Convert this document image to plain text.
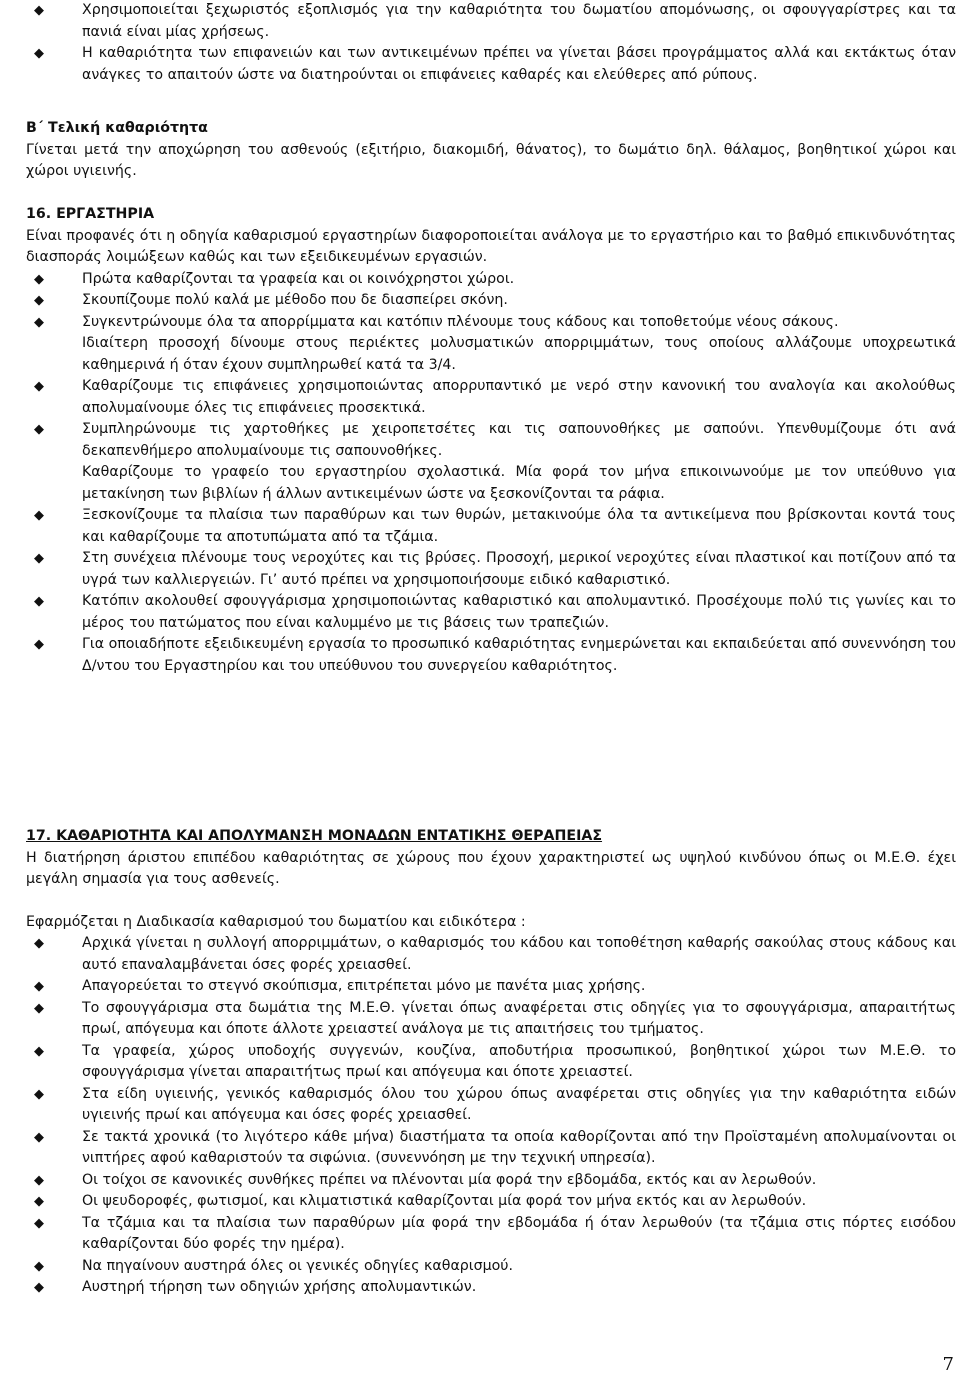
◆	Χρησιμοποιείται ξεχωριστός εξοπλισμός για την καθαριότητα του δωματίου απομόνωσης, οι σφουγγαρίστρες και τα πανιά είναι μίας χρήσεως.

◆	Η καθαριότητα των επιφανειών και των αντικειμένων πρέπει να γίνεται βάσει προγράμματος αλλά και εκτάκτως όταν ανάγκες το απαιτούν ώστε να διατηρούνται οι επιφάνειες καθαρές και ελεύθερες από ρύπους.

Β΄ Τελική καθαριότητα

Γίνεται μετά την αποχώρηση του ασθενούς (εξιτήριο, διακομιδή, θάνατος), το δωμάτιο δηλ. θάλαμος, βοηθητικοί χώροι και χώροι υγιεινής.

16. ΕΡΓΑΣΤΗΡΙΑ

Είναι προφανές ότι η οδηγία καθαρισμού εργαστηρίων διαφοροποιείται ανάλογα με το εργαστήριο και το βαθμό επικινδυνότητας διασποράς λοιμώξεων καθώς και των εξειδικευμένων εργασιών.

◆	Πρώτα καθαρίζονται τα γραφεία και οι κοινόχρηστοι χώροι.

◆	Σκουπίζουμε πολύ καλά με μέθοδο που δε διασπείρει σκόνη.

◆	Συγκεντρώνουμε όλα τα απορρίμματα και κατόπιν πλένουμε τους κάδους και τοποθετούμε νέους σάκους.

Ιδιαίτερη προσοχή δίνουμε στους περιέκτες μολυσματικών απορριμμάτων, τους οποίους αλλάζουμε υποχρεωτικά καθημερινά ή όταν έχουν συμπληρωθεί κατά τα 3/4.

◆	Καθαρίζουμε τις επιφάνειες χρησιμοποιώντας απορρυπαντικό με νερό στην κανονική του αναλογία και ακολούθως απολυμαίνουμε όλες τις επιφάνειες προσεκτικά.

◆	Συμπληρώνουμε τις χαρτοθήκες με χειροπετσέτες και τις σαπουνοθήκες με σαπούνι. Υπενθυμίζουμε ότι ανά δεκαπενθήμερο απολυμαίνουμε τις σαπουνοθήκες.

Καθαρίζουμε το γραφείο του εργαστηρίου σχολαστικά. Μία φορά τον μήνα επικοινωνούμε με τον υπεύθυνο για μετακίνηση των βιβλίων ή άλλων αντικειμένων ώστε να ξεσκονίζονται τα ράφια.

◆	Ξεσκονίζουμε τα πλαίσια των παραθύρων και των θυρών, μετακινούμε όλα τα αντικείμενα που βρίσκονται κοντά τους και καθαρίζουμε τα αποτυπώματα από τα τζάμια.

◆	Στη συνέχεια πλένουμε τους νεροχύτες και τις βρύσες. Προσοχή, μερικοί νεροχύτες είναι πλαστικοί και ποτίζουν από τα υγρά των καλλιεργειών. Γι’ αυτό πρέπει να χρησιμοποιήσουμε ειδικό καθαριστικό.

◆	Κατόπιν ακολουθεί σφουγγάρισμα χρησιμοποιώντας καθαριστικό και απολυμαντικό. Προσέχουμε πολύ τις γωνίες και το μέρος του πατώματος που είναι καλυμμένο με τις βάσεις των τραπεζιών.

◆	Για οποιαδήποτε εξειδικευμένη εργασία το προσωπικό καθαριότητας ενημερώνεται και εκπαιδεύεται από συνεννόηση του Δ/ντου του Εργαστηρίου και του υπεύθυνου του συνεργείου καθαριότητος.

17. ΚΑΘΑΡΙΟΤΗΤΑ ΚΑΙ ΑΠΟΛΥΜΑΝΣΗ ΜΟΝΑΔΩΝ ΕΝΤΑΤΙΚΗΣ ΘΕΡΑΠΕΙΑΣ

Η διατήρηση άριστου επιπέδου καθαριότητας σε χώρους που έχουν χαρακτηριστεί ως υψηλού κινδύνου όπως οι Μ.Ε.Θ. έχει μεγάλη σημασία για τους ασθενείς.

Εφαρμόζεται η Διαδικασία καθαρισμού του δωματίου και ειδικότερα :

◆	Αρχικά γίνεται η συλλογή απορριμμάτων, ο καθαρισμός του κάδου και τοποθέτηση καθαρής σακούλας στους κάδους και αυτό επαναλαμβάνεται όσες φορές χρειασθεί.

◆	Απαγορεύεται το στεγνό σκούπισμα, επιτρέπεται μόνο με πανέτα μιας χρήσης.

◆	Το σφουγγάρισμα στα δωμάτια της Μ.Ε.Θ. γίνεται όπως αναφέρεται στις οδηγίες για το σφουγγάρισμα, απαραιτήτως πρωί, απόγευμα και όποτε άλλοτε χρειαστεί ανάλογα με τις απαιτήσεις του τμήματος.

◆	Τα γραφεία, χώρος υποδοχής συγγενών, κουζίνα, αποδυτήρια προσωπικού, βοηθητικοί χώροι των Μ.Ε.Θ. το σφουγγάρισμα γίνεται απαραιτήτως πρωί και απόγευμα και όποτε χρειαστεί.

◆	Στα είδη υγιεινής, γενικός καθαρισμός όλου του χώρου όπως αναφέρεται στις οδηγίες για την καθαριότητα ειδών υγιεινής πρωί και απόγευμα και όσες φορές χρειασθεί.

◆	Σε τακτά χρονικά (το λιγότερο κάθε μήνα) διαστήματα τα οποία καθορίζονται από την Προϊσταμένη απολυμαίνονται οι νιπτήρες αφού καθαριστούν τα σιφώνια. (συνεννόηση με την τεχνική υπηρεσία).

◆	Οι τοίχοι σε κανονικές συνθήκες πρέπει να πλένονται μία φορά την εβδομάδα, εκτός και αν λερωθούν.

◆	Οι ψευδοροφές, φωτισμοί, και κλιματιστικά καθαρίζονται μία φορά τον μήνα εκτός και αν λερωθούν.

◆	Τα τζάμια και τα πλαίσια των παραθύρων μία φορά την εβδομάδα ή όταν λερωθούν (τα τζάμια στις πόρτες εισόδου καθαρίζονται δύο φορές την ημέρα).

◆	Να πηγαίνουν αυστηρά όλες οι γενικές οδηγίες καθαρισμού.

◆	Αυστηρή τήρηση των οδηγιών χρήσης απολυμαντικών.

7
